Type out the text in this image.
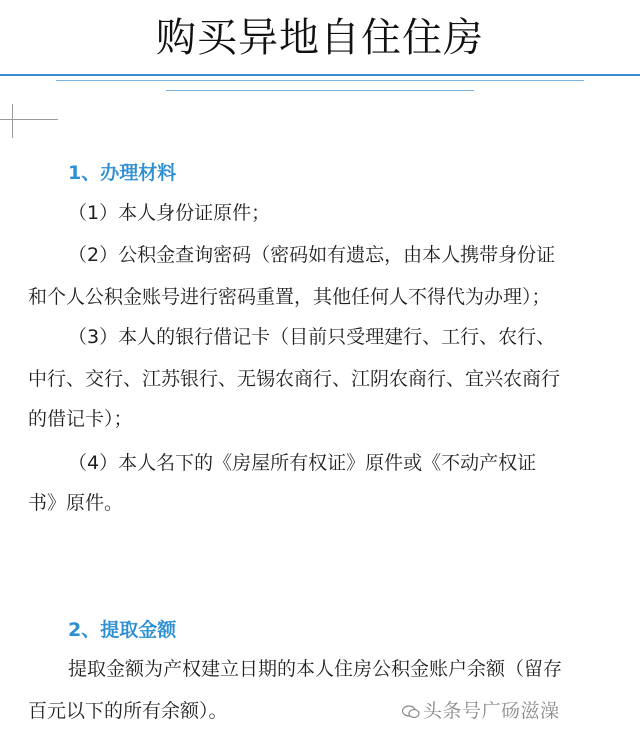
购买异地自住住房
1、办理材料
（1）本人身份证原件；
（2）公积金查询密码（密码如有遗忘，由本人携带身份证
和个人公积金账号进行密码重置，其他任何人不得代为办理）；
（3）本人的银行借记卡（目前只受理建行、工行、农行、
中行、交行、江苏银行、无锡农商行、江阴农商行、宜兴农商行
的借记卡）；
（4）本人名下的《房屋所有权证》原件或《不动产权证
书》原件。
2、提取金额
提取金额为产权建立日期的本人住房公积金账户余额（留存
百元以下的所有余额）。	头条号广砀滋澡
